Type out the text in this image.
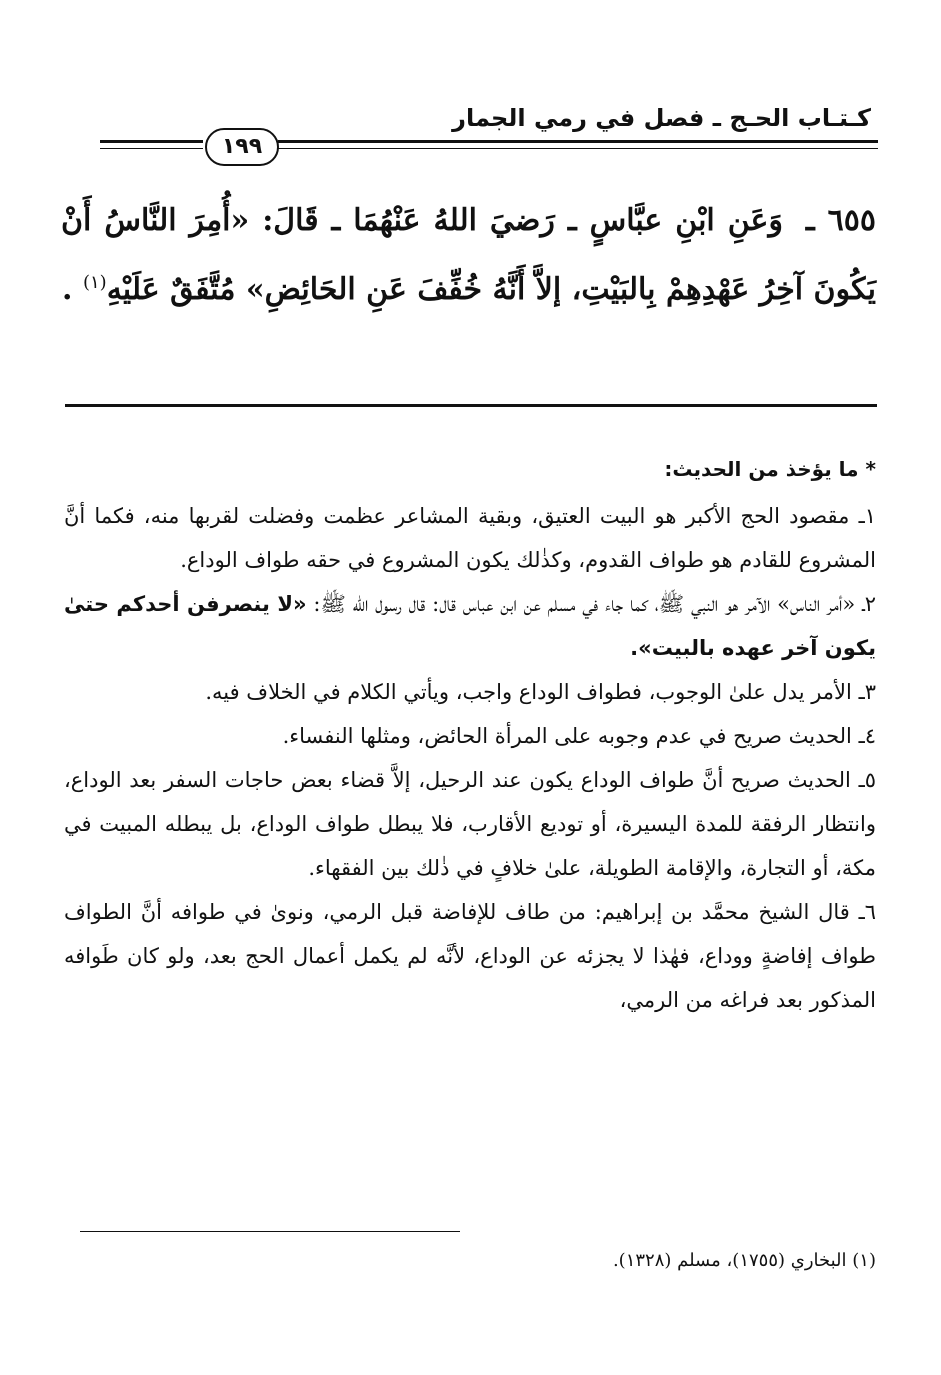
كـتـاب الحـج ـ فصل في رمي الجمار
١٩٩
٦٥٥ ـ وَعَنِ ابْنِ عبَّاسٍ ـ رَضيَ اللهُ عَنْهُمَا ـ قَالَ: «أُمِرَ النَّاسُ أَنْ يَكُونَ آخِرُ عَهْدِهِمْ بِالبَيْتِ، إلاَّ أَنَّهُ خُفِّفَ عَنِ الحَائِضِ» مُتَّفَقٌ عَلَيْهِ$^{(١)}$ .
* ما يؤخذ من الحديث:
١ـ مقصود الحج الأكبر هو البيت العتيق، وبقية المشاعر عظمت وفضلت لقربها منه، فكما أنَّ المشروع للقادم هو طواف القدوم، وكذٰلك يكون المشروع في حقه طواف الوداع.
٢ـ «أمر الناس» الآمر هو النبي ﷺ، كما جاء في مسلم عن ابن عباس قال: قال رسول الله ﷺ: «لا ينصرفن أحدكم حتىٰ يكون آخر عهده بالبيت».
٣ـ الأمر يدل علىٰ الوجوب، فطواف الوداع واجب، ويأتي الكلام في الخلاف فيه.
٤ـ الحديث صريح في عدم وجوبه على المرأة الحائض، ومثلها النفساء.
٥ـ الحديث صريح أنَّ طواف الوداع يكون عند الرحيل، إلاَّ قضاء بعض حاجات السفر بعد الوداع، وانتظار الرفقة للمدة اليسيرة، أو توديع الأقارب، فلا يبطل طواف الوداع، بل يبطله المبيت في مكة، أو التجارة، والإقامة الطويلة، علىٰ خلافٍ في ذٰلك بين الفقهاء.
٦ـ قال الشيخ محمَّد بن إبراهيم: من طاف للإفاضة قبل الرمي، ونوىٰ في طوافه أنَّ الطواف طواف إفاضةٍ ووداع، فهٰذا لا يجزئه عن الوداع، لأنَّه لم يكمل أعمال الحج بعد، ولو كان طَوافه المذكور بعد فراغه من الرمي،
(١) البخاري (١٧٥٥)، مسلم (١٣٢٨).
